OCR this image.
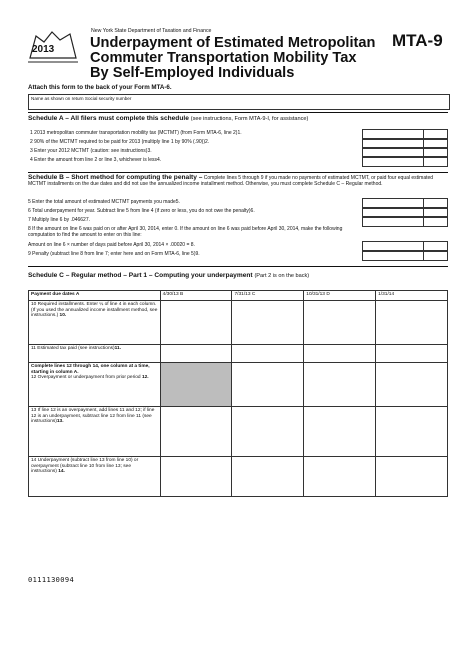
2013
New York State Department of Taxation and Finance
Underpayment of Estimated Metropolitan
Commuter Transportation Mobility Tax
By Self-Employed Individuals
MTA-9
Attach this form to the back of your Form MTA-6.
Name as shown on return Social security number
Schedule A – All filers must complete this schedule (see instructions, Form MTA-9-I, for assistance)
1 2013 metropolitan commuter transportation mobility tax (MCTMT) (from Form MTA-6, line 2)1.
2 90% of the MCTMT required to be paid for 2013 (multiply line 1 by 90% (.90))2.
3 Enter your 2012 MCTMT (caution: see instructions)3.
4 Enter the amount from line 2 or line 3, whichever is less4.
Schedule B – Short method for computing the penalty – Complete lines 5 through 9 if you made no payments of estimated MCTMT, or paid four equal estimated MCTMT installments on the due dates and did not use the annualized income installment method. Otherwise, you must complete Schedule C – Regular method.
5 Enter the total amount of estimated MCTMT payments you made5.
6 Total underpayment for year. Subtract line 5 from line 4 (if zero or less, you do not owe the penalty)6.
7 Multiply line 6 by .046627.
8 If the amount on line 6 was paid on or after April 30, 2014, enter 0. If the amount on line 6 was paid before April 30, 2014, make the following computation to find the amount to enter on this line:
Amount on line 6 × number of days paid before April 30, 2014 × .00020 = 8.
9 Penalty (subtract line 8 from line 7; enter here and on Form MTA-6, line 5)9.
Schedule C – Regular method – Part 1 – Computing your underpayment (Part 2 is on the back)
Payment due dates A	4/30/13 B	7/31/13 C	10/31/13 D	1/31/14
10 Required installments. Enter ¼ of line 4 in each column. (If you used the annualized income installment method, see instructions.) 10.				
11 Estimated tax paid (see instructions)11.				
Complete lines 12 through 14, one column at a time, starting in column A.
12 Overpayment or underpayment from prior period 12.				
13 If line 12 is an overpayment, add lines 11 and 12; if line 12 is an underpayment, subtract line 12 from line 11 (see instructions)13.				
14 Underpayment (subtract line 13 from line 10) or overpayment (subtract line 10 from line 13; see instructions) 14.				
0111130094
